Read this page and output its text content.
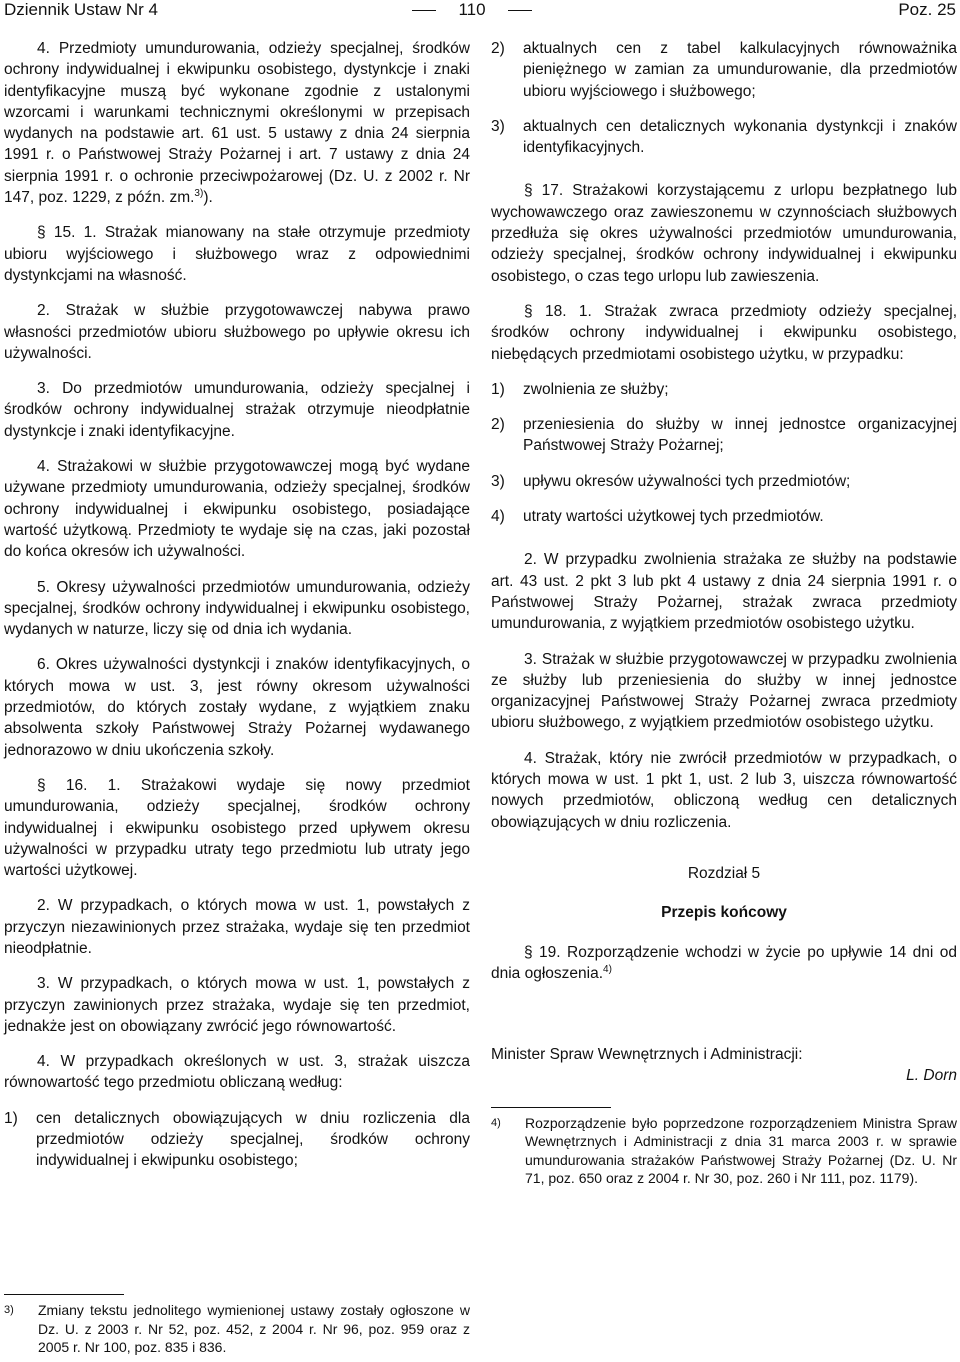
Dziennik Ustaw Nr 4	110	Poz. 25

4. Przedmioty umundurowania, odzieży specjalnej, środków ochrony indywidualnej i ekwipunku osobistego, dystynkcje i znaki identyfikacyjne muszą być wykonane zgodnie z ustalonymi wzorcami i warunkami technicznymi określonymi w przepisach wydanych na podstawie art. 61 ust. 5 ustawy z dnia 24 sierpnia 1991 r. o Państwowej Straży Pożarnej i art. 7 ustawy z dnia 24 sierpnia 1991 r. o ochronie przeciwpożarowej (Dz. U. z 2002 r. Nr 147, poz. 1229, z późn. zm.$^{3)}$).

§ 15. 1. Strażak mianowany na stałe otrzymuje przedmioty ubioru wyjściowego i służbowego wraz z odpowiednimi dystynkcjami na własność.

2. Strażak w służbie przygotowawczej nabywa prawo własności przedmiotów ubioru służbowego po upływie okresu ich używalności.

3. Do przedmiotów umundurowania, odzieży specjalnej i środków ochrony indywidualnej strażak otrzymuje nieodpłatnie dystynkcje i znaki identyfikacyjne.

4. Strażakowi w służbie przygotowawczej mogą być wydane używane przedmioty umundurowania, odzieży specjalnej, środków ochrony indywidualnej i ekwipunku osobistego, posiadające wartość użytkową. Przedmioty te wydaje się na czas, jaki pozostał do końca okresów ich używalności.

5. Okresy używalności przedmiotów umundurowania, odzieży specjalnej, środków ochrony indywidualnej i ekwipunku osobistego, wydanych w naturze, liczy się od dnia ich wydania.

6. Okres używalności dystynkcji i znaków identyfikacyjnych, o których mowa w ust. 3, jest równy okresom używalności przedmiotów, do których zostały wydane, z wyjątkiem znaku absolwenta szkoły Państwowej Straży Pożarnej wydawanego jednorazowo w dniu ukończenia szkoły.

§ 16. 1. Strażakowi wydaje się nowy przedmiot umundurowania, odzieży specjalnej, środków ochrony indywidualnej i ekwipunku osobistego przed upływem okresu używalności w przypadku utraty tego przedmiotu lub utraty jego wartości użytkowej.

2. W przypadkach, o których mowa w ust. 1, powstałych z przyczyn niezawinionych przez strażaka, wydaje się ten przedmiot nieodpłatnie.

3. W przypadkach, o których mowa w ust. 1, powstałych z przyczyn zawinionych przez strażaka, wydaje się ten przedmiot, jednakże jest on obowiązany zwrócić jego równowartość.

4. W przypadkach określonych w ust. 3, strażak uiszcza równowartość tego przedmiotu obliczaną według:

1)	cen detalicznych obowiązujących w dniu rozliczenia dla przedmiotów odzieży specjalnej, środków ochrony indywidualnej i ekwipunku osobistego;
3)	Zmiany tekstu jednolitego wymienionej ustawy zostały ogłoszone w Dz. U. z 2003 r. Nr 52, poz. 452, z 2004 r. Nr 96, poz. 959 oraz z 2005 r. Nr 100, poz. 835 i 836.
2)	aktualnych cen z tabel kalkulacyjnych równoważnika pieniężnego w zamian za umundurowanie, dla przedmiotów ubioru wyjściowego i służbowego;
3)	aktualnych cen detalicznych wykonania dystynkcji i znaków identyfikacyjnych.

§ 17. Strażakowi korzystającemu z urlopu bezpłatnego lub wychowawczego oraz zawieszonemu w czynnościach służbowych przedłuża się okres używalności przedmiotów umundurowania, odzieży specjalnej, środków ochrony indywidualnej i ekwipunku osobistego, o czas tego urlopu lub zawieszenia.

§ 18. 1. Strażak zwraca przedmioty odzieży specjalnej, środków ochrony indywidualnej i ekwipunku osobistego, niebędących przedmiotami osobistego użytku, w przypadku:

1)	zwolnienia ze służby;
2)	przeniesienia do służby w innej jednostce organizacyjnej Państwowej Straży Pożarnej;
3)	upływu okresów używalności tych przedmiotów;
4)	utraty wartości użytkowej tych przedmiotów.

2. W przypadku zwolnienia strażaka ze służby na podstawie art. 43 ust. 2 pkt 3 lub pkt 4 ustawy z dnia 24 sierpnia 1991 r. o Państwowej Straży Pożarnej, strażak zwraca przedmioty umundurowania, z wyjątkiem przedmiotów osobistego użytku.

3. Strażak w służbie przygotowawczej w przypadku zwolnienia ze służby lub przeniesienia do służby w innej jednostce organizacyjnej Państwowej Straży Pożarnej zwraca przedmioty ubioru służbowego, z wyjątkiem przedmiotów osobistego użytku.

4. Strażak, który nie zwrócił przedmiotów w przypadkach, o których mowa w ust. 1 pkt 1, ust. 2 lub 3, uiszcza równowartość nowych przedmiotów, obliczoną według cen detalicznych obowiązujących w dniu rozliczenia.

Rozdział 5

Przepis końcowy

§ 19. Rozporządzenie wchodzi w życie po upływie 14 dni od dnia ogłoszenia.$^{4)}$

Minister Spraw Wewnętrznych i Administracji:

L. Dorn

4)	Rozporządzenie było poprzedzone rozporządzeniem Ministra Spraw Wewnętrznych i Administracji z dnia 31 marca 2003 r. w sprawie umundurowania strażaków Państwowej Straży Pożarnej (Dz. U. Nr 71, poz. 650 oraz z 2004 r. Nr 30, poz. 260 i Nr 111, poz. 1179).
